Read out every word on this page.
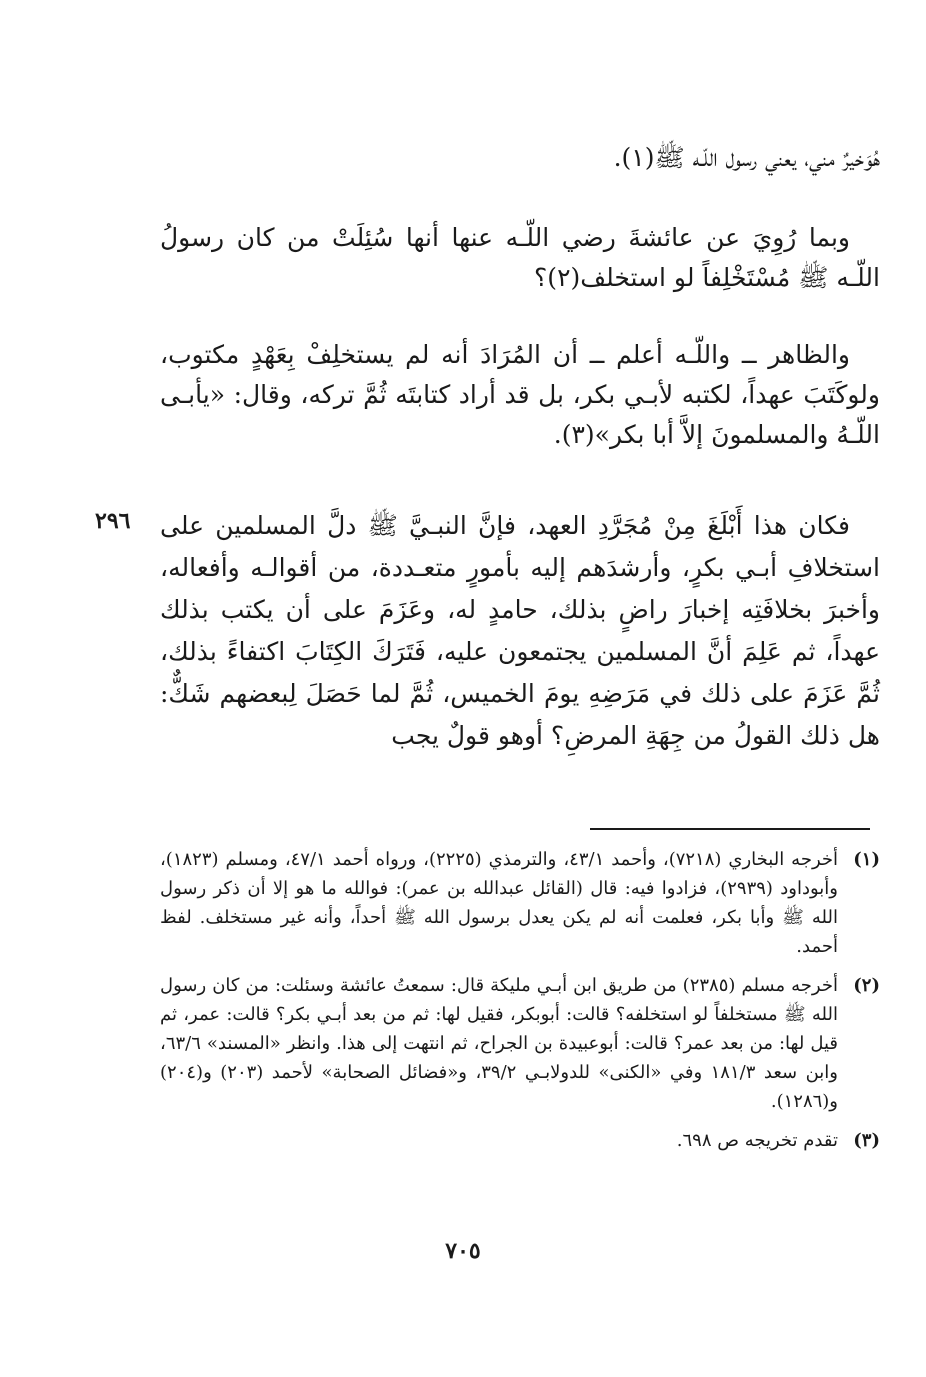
هُوَخيرٌ مني، يعني رسول اللّـه ﷺ(١).

وبما رُوِيَ عن عائشةَ رضي اللّـه عنها أنها سُئِلَتْ من كان رسولُ اللّـه ﷺ مُسْتَخْلِفاً لو استخلف(٢)؟

والظاهر ــ واللّـه أعلم ــ أن المُرَادَ أنه لم يستخلِفْ بِعَهْدٍ مكتوب، ولوكَتَبَ عهداً، لكتبه لأبـي بكر، بل قد أراد كتابتَه ثُمَّ تركه، وقال: «يأبـى اللّـهُ والمسلمونَ إلاَّ أبا بكر»(٣).

٢٩٦	فكان هذا أَبْلَغَ مِنْ مُجَرَّدِ العهد، فإنَّ النبـيَّ ﷺ دلَّ المسلمين على استخلافِ أبـي بكرٍ، وأرشدَهم إليه بأمورٍ متعـددة، من أقوالـه وأفعاله، وأخبرَ بخلافَتِه إخبارَ راضٍ بذلك، حامدٍ له، وعَزَمَ على أن يكتب بذلك عهداً، ثم عَلِمَ أنَّ المسلمين يجتمعون عليه، فَتَرَكَ الكِتَابَ اكتفاءً بذلك، ثُمَّ عَزَمَ على ذلك في مَرَضِهِ يومَ الخميس، ثُمَّ لما حَصَلَ لِبعضهم شَكٌّ: هل ذلك القولُ من جِهَةِ المرضِ؟ أوهو قولٌ يجب

(١)
أخرجه البخاري (٧٢١٨)، وأحمد ٤٣/١، والترمذي (٢٢٢٥)، ورواه أحمد ٤٧/١، ومسلم (١٨٢٣)، وأبوداود (٢٩٣٩)، فزادوا فيه: قال (القائل عبدالله بن عمر): فوالله ما هو إلا أن ذكر رسول الله ﷺ وأبا بكر، فعلمت أنه لم يكن يعدل برسول الله ﷺ أحداً، وأنه غير مستخلف. لفظ أحمد.
(٢)
أخرجه مسلم (٢٣٨٥) من طريق ابن أبـي مليكة قال: سمعتُ عائشة وسئلت: من كان رسول الله ﷺ مستخلفاً لو استخلفه؟ قالت: أبوبكر، فقيل لها: ثم من بعد أبـي بكر؟ قالت: عمر، ثم قيل لها: من بعد عمر؟ قالت: أبوعبيدة بن الجراح، ثم انتهت إلى هذا. وانظر «المسند» ٦٣/٦، وابن سعد ١٨١/٣ وفي «الكنى» للدولابـي ٣٩/٢، و«فضائل الصحابة» لأحمد (٢٠٣) و(٢٠٤) و(١٢٨٦).
(٣)
تقدم تخريجه ص ٦٩٨.
٧٠٥
